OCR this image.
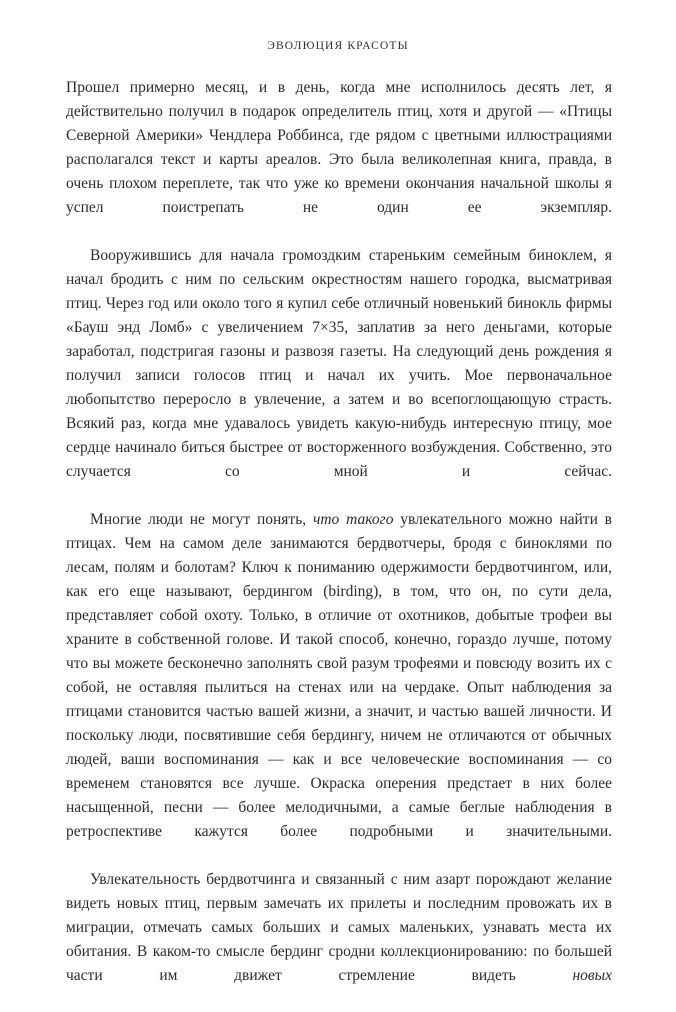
ЭВОЛЮЦИЯ КРАСОТЫ

Прошел примерно месяц, и в день, когда мне исполнилось десять лет, я действительно получил в подарок определитель птиц, хотя и другой — «Птицы Северной Америки» Чендлера Роббинса, где рядом с цветными иллюстрациями располагался текст и карты ареалов. Это была великолепная книга, правда, в очень плохом переплете, так что уже ко времени окончания начальной школы я успел поистрепать не один ее экземпляр.

Вооружившись для начала громоздким стареньким семейным биноклем, я начал бродить с ним по сельским окрестностям нашего городка, высматривая птиц. Через год или около того я купил себе отличный новенький бинокль фирмы «Бауш энд Ломб» с увеличением 7×35, заплатив за него деньгами, которые заработал, подстригая газоны и развозя газеты. На следующий день рождения я получил записи голосов птиц и начал их учить. Мое первоначальное любопытство переросло в увлечение, а затем и во всепоглощающую страсть. Всякий раз, когда мне удавалось увидеть какую-нибудь интересную птицу, мое сердце начинало биться быстрее от восторженного возбуждения. Собственно, это случается со мной и сейчас.

Многие люди не могут понять, что такого увлекательного можно найти в птицах. Чем на самом деле занимаются бердвотчеры, бродя с биноклями по лесам, полям и болотам? Ключ к пониманию одержимости бердвотчингом, или, как его еще называют, бердингом (birding), в том, что он, по сути дела, представляет собой охоту. Только, в отличие от охотников, добытые трофеи вы храните в собственной голове. И такой способ, конечно, гораздо лучше, потому что вы можете бесконечно заполнять свой разум трофеями и повсюду возить их с собой, не оставляя пылиться на стенах или на чердаке. Опыт наблюдения за птицами становится частью вашей жизни, а значит, и частью вашей личности. И поскольку люди, посвятившие себя бердингу, ничем не отличаются от обычных людей, ваши воспоминания — как и все человеческие воспоминания — со временем становятся все лучше. Окраска оперения предстает в них более насыщенной, песни — более мелодичными, а самые беглые наблюдения в ретроспективе кажутся более подробными и значительными.

Увлекательность бердвотчинга и связанный с ним азарт порождают желание видеть новых птиц, первым замечать их прилеты и последним провожать их в миграции, отмечать самых больших и самых маленьких, узнавать места их обитания. В каком-то смысле бердинг сродни коллекционированию: по большей части им движет стремление видеть новых
